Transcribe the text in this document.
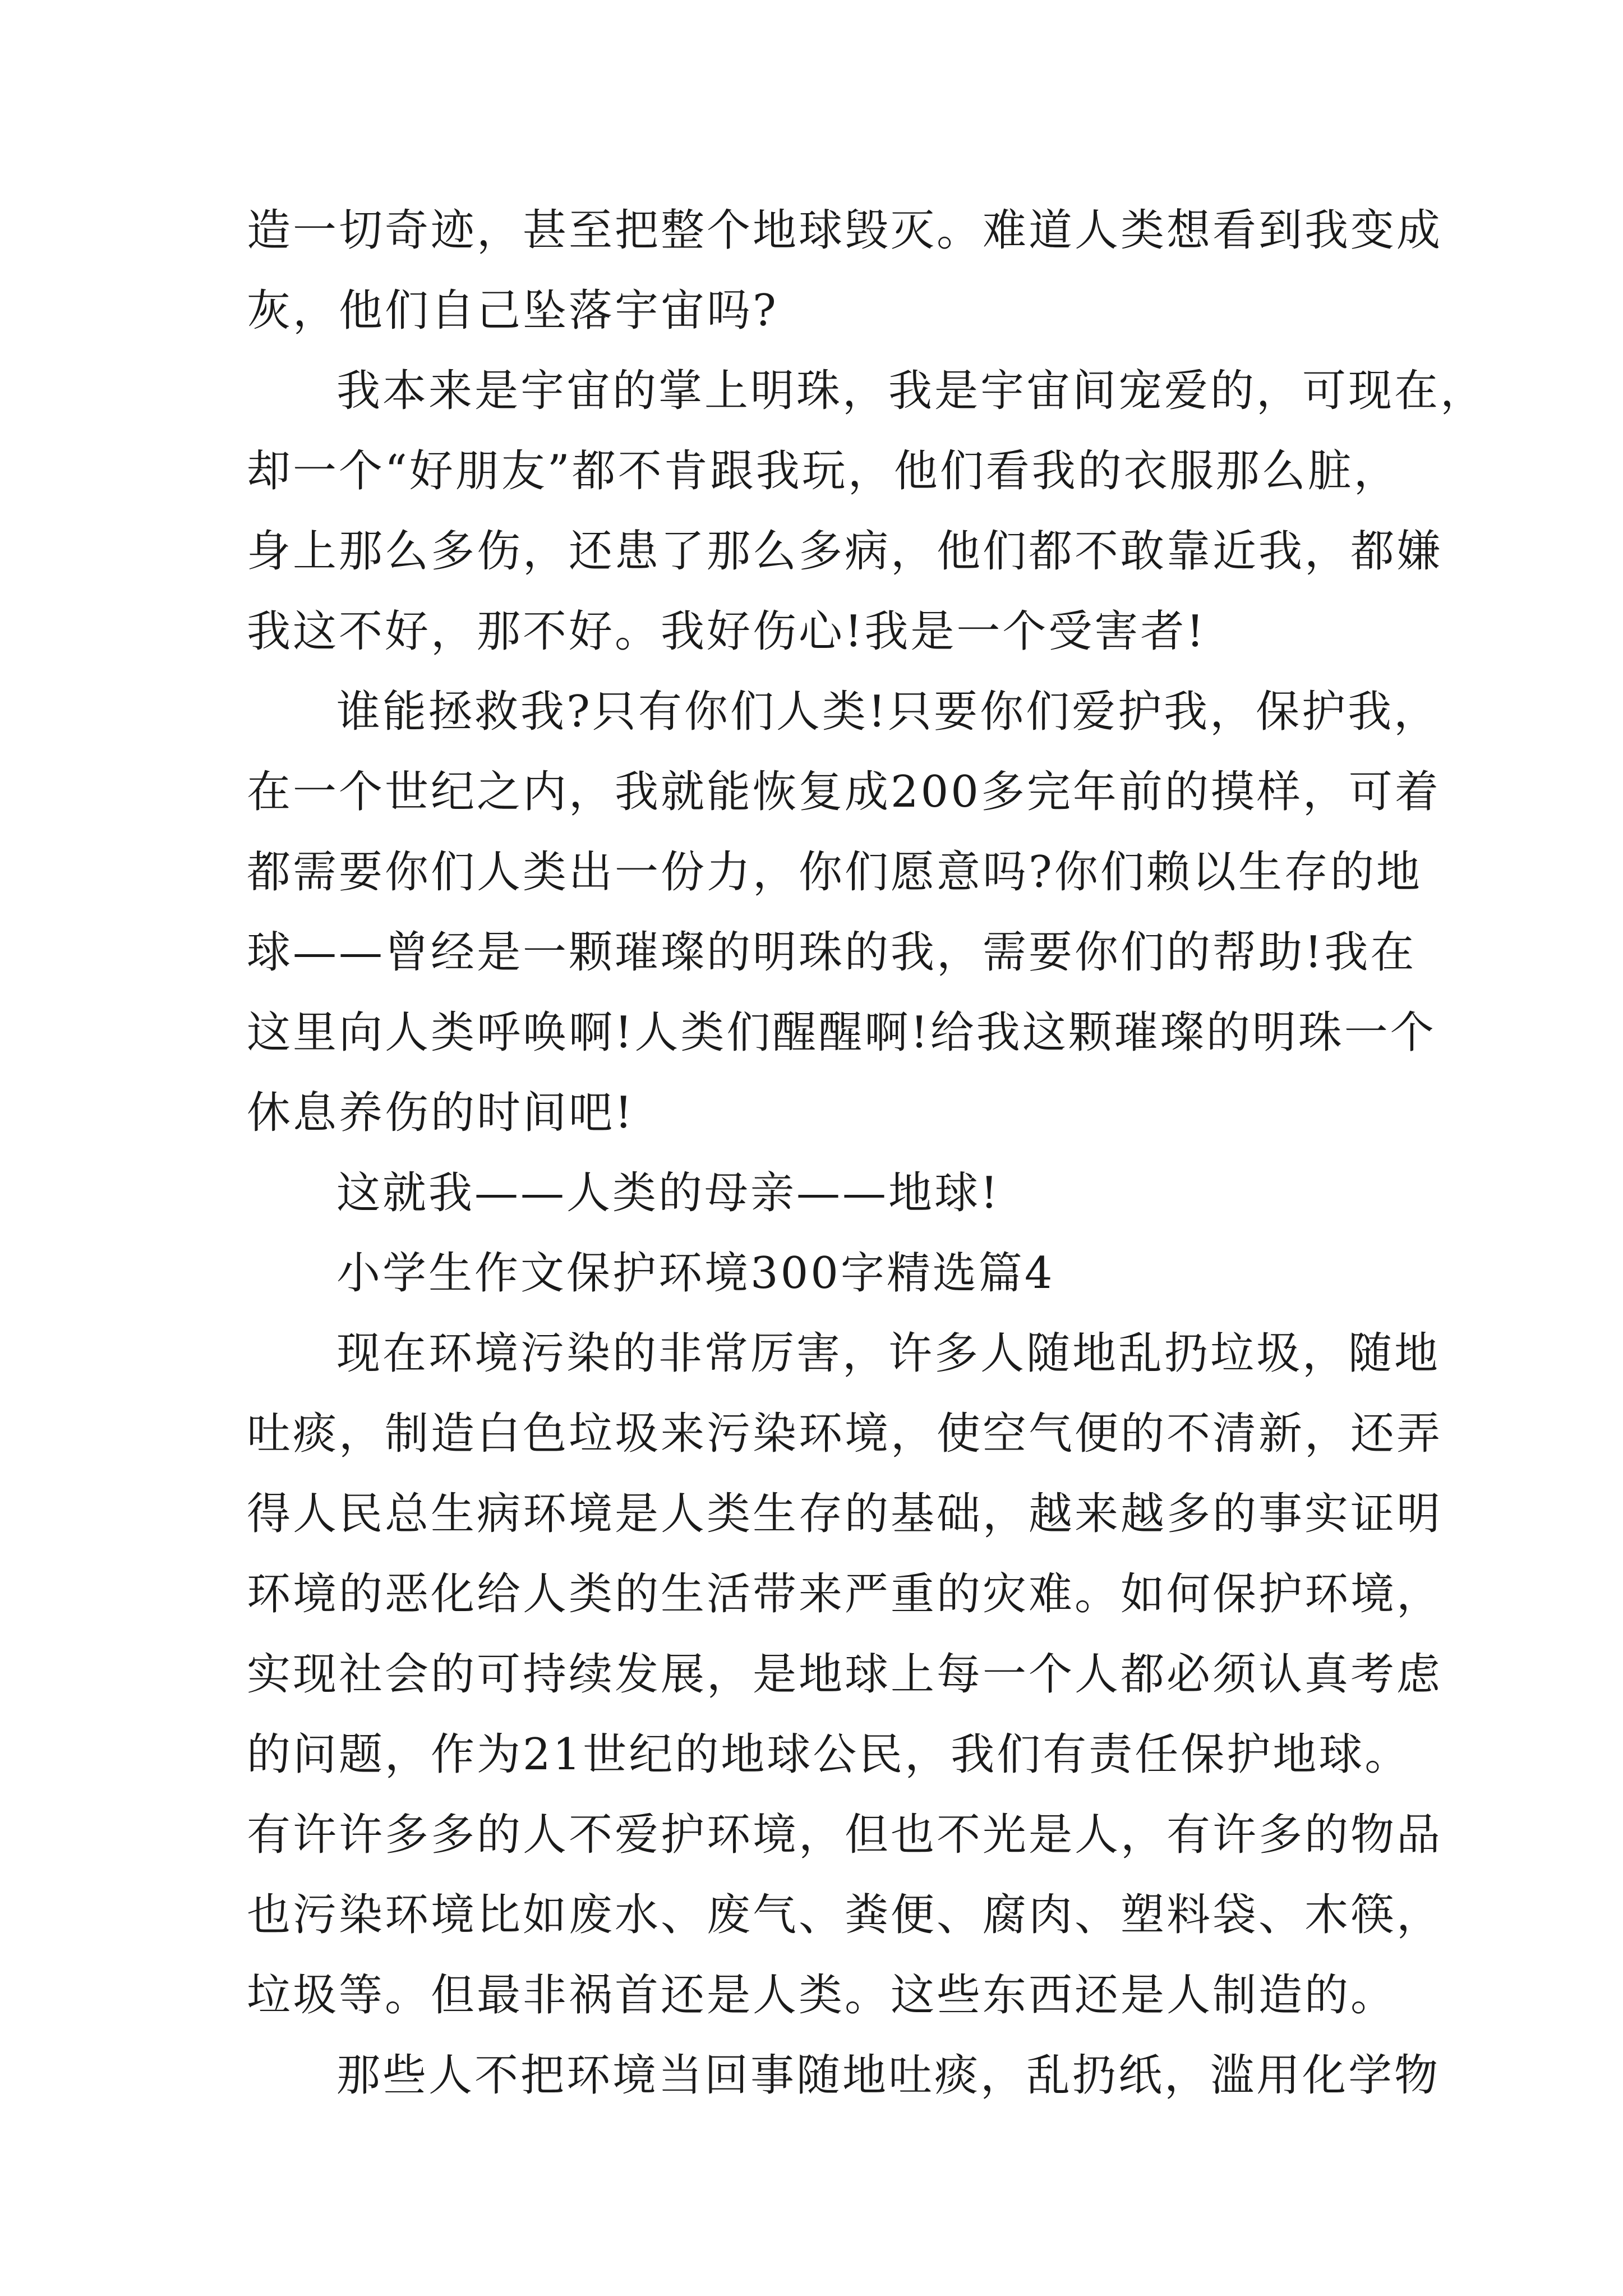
造一切奇迹，甚至把整个地球毁灭。难道人类想看到我变成
灰，他们自己坠落宇宙吗?
我本来是宇宙的掌上明珠，我是宇宙间宠爱的，可现在，
却一个“好朋友”都不肯跟我玩，他们看我的衣服那么脏，
身上那么多伤，还患了那么多病，他们都不敢靠近我，都嫌
我这不好，那不好。我好伤心!我是一个受害者!
谁能拯救我?只有你们人类!只要你们爱护我，保护我，
在一个世纪之内，我就能恢复成200多完年前的摸样，可着
都需要你们人类出一份力，你们愿意吗?你们赖以生存的地
球——曾经是一颗璀璨的明珠的我，需要你们的帮助!我在
这里向人类呼唤啊!人类们醒醒啊!给我这颗璀璨的明珠一个
休息养伤的时间吧!
这就我——人类的母亲——地球!
小学生作文保护环境300字精选篇4
现在环境污染的非常厉害，许多人随地乱扔垃圾，随地
吐痰，制造白色垃圾来污染环境，使空气便的不清新，还弄
得人民总生病环境是人类生存的基础，越来越多的事实证明
环境的恶化给人类的生活带来严重的灾难。如何保护环境，
实现社会的可持续发展，是地球上每一个人都必须认真考虑
的问题，作为21世纪的地球公民，我们有责任保护地球。
有许许多多的人不爱护环境，但也不光是人，有许多的物品
也污染环境比如废水、废气、粪便、腐肉、塑料袋、木筷，
垃圾等。但最非祸首还是人类。这些东西还是人制造的。
那些人不把环境当回事随地吐痰，乱扔纸，滥用化学物
